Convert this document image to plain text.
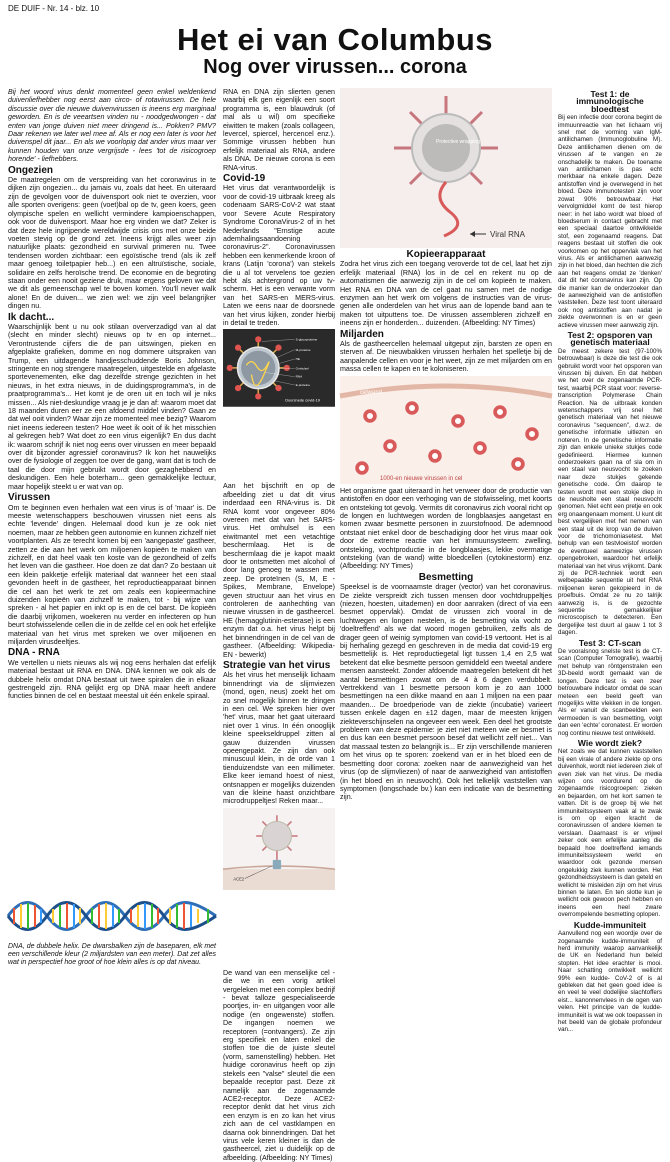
DE DUIF - Nr. 14 - blz. 10
Het ei van Columbus
Nog over virussen... corona

Bij het woord virus denkt momenteel geen enkel weldenkend duivenliefhebber nog eerst aan circo- of rotavirussen. De hele discussie over die nieuwe duivenvirussen is ineens erg marginaal geworden. En is de veeartsen vinden nu - noodgedwongen - dat enten van jonge duiven niet meer dringend is... Pokken? PMV? Daar rekenen we later wel mee af. Als er nog een later is voor het duivenspel dit jaar... En als we voorlopig dat ander virus maar ver kunnen houden van onze vergrijsde - lees 'tot de risicogroep horende' - liefhebbers.

Ongezien

De maatregelen om de verspreiding van het coronavirus in te dijken zijn ongezien... du jamais vu, zoals dat heet. En uiteraard zijn de gevolgen voor de duivensport ook niet te overzien, voor alle sporten overigens: geen (voet)bal op de tv, geen koers, geen olympische spelen en wellicht vermindere kampioenschappen, ook voor de duivensport. Maar hoe erg vinden we dat? Zeker is dat deze hele ingrijpende wereldwijde crisis ons met onze beide voeten stevig op de grond zet. Ineens krijgt alles weer zijn natuurlijke plaats: gezondheid en survival primeren nu. Twee tendensen worden zichtbaar: een egoïstische trend (als ik zelf maar genoeg toiletpapier heb...) en een altruïstische, sociale, solidaire en zelfs heroïsche trend. De economie en de begroting staan onder een nooit geziene druk, maar ergens geloven we dat we dit als gemeenschap wel te boven komen. You'll never walk alone! En de duiven... we zien wel: we zijn veel belangrijker dingen nu.

Ik dacht...

Waarschijnlijk bent u nu ook stilaan oververzadigd van al dat (slecht en minder slecht) nieuws op tv en op internet... Verontrustende cijfers die de pan uitswingen, pieken en afgeplakte grafieken, domme en nog dommere uitspraken van Trump, een uitdagende handjesschuddende Boris Johnson, stringente en nog strengere maatregelen, uitgestelde en afgelaste sportevenementen, elke dag dezelfde strenge gezichten in het nieuws, in het extra nieuws, in de duidingsprogramma's, in de praatprogramma's... Het komt je de oren uit en toch wil je niks missen... Als niet-deskundige vraag je je dan af: waarom moet dat 18 maanden duren eer ze een afdoend middel vinden? Gaan ze dat wel ooit vinden? Waar zijn ze momenteel mee bezig? Waarom niet ineens iedereen testen? Hoe weet ik ooit of ik het misschien al gekregen heb? Wat doet zo een virus eigenlijk? En dus dacht ik: waarom schrijf ik niet nog eens over virussen en meer bepaald over dit bijzonder agressief coronavirus? Ik kon het nauwelijks over de fysiologie of zeggen toe over de gang, want dat is toch de taal die door mijn gebruikt wordt door gezaghebbend en deskundigen. Een hele boterham... geen gemakkelijke lectuur, maar hopelijk steekt u er wat van op.

Virussen

Om te beginnen even herhalen wat een virus is of 'maar' is. De meeste wetenschappers beschouwen virussen niet eens als echte 'levende' dingen. Helemaal dood kun je ze ook niet noemen, maar ze hebben geen autonomie en kunnen zichzelf niet voortplanten. Als ze terecht komen bij een 'aangepaste' gastheer, zetten ze die aan het werk om miljoenen kopieën te maken van zichzelf, en dat heel vaak ten koste van de gezondheid of zelfs het leven van die gastheer. Hoe doen ze dat dan? Zo bestaan uit een klein pakketje erfelijk materiaal dat wanneer het een staal gevonden heeft in de gastheer, het reproductieapparaat binnen die cel aan het werk te zet om zeals een kopieermachine duizenden kopieën van zichzelf te maken, tot - bij wijze van spreken - al het papier en inkt op is en de cel barst. De kopieën die daarbij vrijkomen, woekeren nu verder en infecteren op hun beurt stofwisselende cellen die in de zelfde cel en ook het erfelijke materiaal van het virus met spreken we over miljoenen en miljarden virusdeeltjes.

DNA - RNA

We vertellen u niets nieuws als wij nog eens herhalen dat erfelijk materiaal bestaat uit RNA en DNA. DNA kennen we ook als de dubbele helix omdat DNA bestaat uit twee spiralen die in elkaar gestrengeld zijn. RNA gelijkt erg op DNA maar heeft andere functies binnen de cel en bestaat meestal uit één enkele spiraal.

DNA, de dubbele helix. De dwarsbalken zijn de baseparen, elk met een verschillende kleur (2 miljardsten van een meter). Dat zet alles wat in perspectief hoe groot of hoe klein alles is op dat niveau.

RNA en DNA zijn slierten genen waarbij elk gen eigenlijk een soort programma is, een blauwdruk (of mal als u wil) om specifieke eiwitten te maken (zoals collageen, levercel, spiercel, hercencel enz.). Sommige virussen hebben hun erfelijk materiaal als RNA, andere als DNA. De nieuwe corona is een RNA-virus.

Covid-19

Het virus dat verantwoordelijk is voor de covid-19 uitbraak kreeg als codenaam SARS-CoV-2 wat staat voor Severe Acute Respiratory Syndrome CoronaVirus-2 of in het Nederlands "Ernstige acute ademhalingsaandoening coronavirus-2". Coronavirussen hebben een kenmerkende kroon of krans (Latijn 'corona') van stekels die u al tot vervelens toe gezien hebt als achtergrond op uw tv-scherm. Het is een verwante vorm van het SARS-en MERS-virus. Laten we eens naar de doorsnede van het virus kijken, zonder hierbij in detail te treden.

S-glycoproteine
M-proteine
HE
Omhulsel
RNA
E-proteine
Doorsnede covid-19

Aan het bijschrift en op de afbeelding ziet u dat dit virus inderdaad een RNA-virus is. Dit RNA komt voor ongeveer 80% overeen met dat van het SARS-virus. Het omhulsel is een eiwitmantel met een vetachtige beschermlaag. Het is de beschermlaag die je kapot maakt door te ontsmetten met alcohol of door lang genoeg te wassen met zeep. De proteïnen (S, M, E - Spikes, Membrane, Envelope) geven structuur aan het virus en controleren de aanhechting van nieuwe virussen in de gastheercel. HE (hemagglutinin-esterase) is een enzym dat o.a. het virus helpt bij het binnendringen in de cel van de gastheer. (Afbeelding: Wikipedia-EN - bewerkt)

Strategie van het virus

Als het virus het menselijk lichaam binnendringt via de slijmviezen (mond, ogen, neus) zoekt het om zo snel mogelijk binnen te dringen in een cel. We spreken hier over 'het' virus, maar het gaat uiteraard niet over 1 virus. In één onooglijk kleine speekseldruppel zitten al gauw duizenden virussen opeengepakt. Ze zijn dan ook minuscuul klein, in de orde van 1 tienduizendste van een millimeter. Elke keer iemand hoest of niest, ontsnappen er mogelijks duizenden van die kleine haast onzichtbare microdruppeltjes! Reken maar...

ACE2

De wand van een menselijke cel - die we in een vorig artikel vergeleken met een complex bedrijf - bevat talloze gespecialiseerde poortjes, in- en uitgangen voor alle nodige (en ongewenste) stoffen. De ingangen noemen we receptoren (=ontvangers). Ze zijn erg specifiek en laten enkel die stoffen toe die de juiste sleutel (vorm, samenstelling) hebben. Het huidige coronavirus heeft op zijn stekels een "valse" sleutel die een bepaalde receptor past. Deze zit namelijk aan de zogenaamde ACE2-receptor. Deze ACE2-receptor denkt dat het virus zich een enzym is en zo kan het virus zich aan de cel vastklampen en daarna ook binnendringen. Dat het virus vele keren kleiner is dan de gastheercel, ziet u duidelijk op de afbeelding. (Afbeelding: NY Times)

Protective wrapping
Viral RNA
Kopieerapparaat

Zodra het virus zich een toegang veroverde tot de cel, laat het zijn erfelijk materiaal (RNA) los in de cel en rekent nu op de automatismen die aanwezig zijn in de cel om kopieën te maken. Het RNA en DNA van de cel gaat nu samen met de nodige enzymen aan het werk om volgens de instructies van de virus-genen alle onderdelen van het virus aan de lopende band aan te maken tot uitputtens toe. De virussen assembleren zichzelf en ineens zijn er honderden... duizenden. (Afbeelding: NY Times)

Miljarden

Als de gastheercellen helemaal uitgeput zijn, barsten ze open en sterven af. De nieuwbakken virussen herhalen het spelletje bij de aanpalende cellen en voor je het weet, zijn ze met miljarden om en massa cellen te kapen en te koloniseren.

celwand
1000-en nieuwe virussen in cel

Het organisme gaat uiteraard in het verweer door de productie van antistoffen en door een verhoging van de stofwisseling, met koorts en ontsteking tot gevolg. Vermits dit coronavirus zich vooral richt op de longen en luchtwegen worden de longblaasjes aangetast en komen zwaar besmette personen in zuurstofnood. De ademnood ontstaat niet enkel door de beschadiging door het virus maar ook door de extreme reactie van het immuunsysteem: zwelling, ontsteking, vochtproductie in de longblaasjes, lekke overmatige ontsteking (van de wand) witte bloedcellen (cytokinestorm) enz. (Afbeelding: NY Times)

Besmetting

Speeksel is de voornaamste drager (vector) van het coronavirus. De ziekte verspreidt zich tussen mensen door vochtdruppeltjes (niezen, hoesten, uitademen) en door aanraken (direct of via een besmet oppervlak). Omdat de virussen zich vooral in de luchtwegen en longen nestelen, is de besmetting via vocht zo 'doeltreffend' als we dat woord mogen gebruiken, zelfs als de drager geen of weinig symptomen van covid-19 vertoont. Het is al bij herhaling gezegd en geschreven in de media dat covid-19 erg besmettelijk is. Het reproductiegetal ligt tussen 1,4 en 2,5 wat betekent dat elke besmette persoon gemiddeld een tweetal andere mensen aansteekt. Zonder afdoende maatregelen betekent dit het aantal besmettingen zowat om de 4 à 6 dagen verdubbelt. Vertrekkend van 1 besmette persoon kom je zo aan 1000 besmettingen na een dikke maand en aan 1 miljoen na een paar maanden... De broedperiode van de ziekte (incubatie) varieert tussen enkele dagen en ±12 dagen, maar de meesten krijgen ziekteverschijnselen na ongeveer een week. Een deel het grootste probleem van deze epidemie: je ziet niet meteen wie er besmet is en dus kan een besmet persoon besef dat wellicht zelf niet... Van dat massaal testen zo belangrijk is... Er zijn verschillende manieren om het virus op te sporen: zoekend van er in het bloed een de besmetting door corona: zoeken naar de aanwezigheid van het virus (op de slijmvliezen) of naar de aanwezigheid van antistoffen (in het bloed en in neusvocht). Ook het telkelijk vaststellen van symptomen (longschade bv.) kan een indicatie van de besmetting zijn.

Test 1: de immunologische bloedtest

Bij een infectie door corona begint de immuunreactie van het lichaam vrij snel met de vorming van IgM-antilichamen (Immunoglobuline M). Deze antilichamen dienen om de virussen af te vangen en ze onschadelijk te maken. De toename van antilichamen is pas echt merkbaar na enkele dagen. Deze antistoffen vind je overwegend in het bloed. Deze immunotesten zijn voor zowat 90% betrouwbaar. Het vervolgmiddel komt de test hierop neer: in het labo wordt wat bloed of bloedserum in contact gebracht met een speciaal daartoe ontwikkelde stof, een zogenaamd reagens. Dat reagens bestaat uit stoffen die ook voorkomen op het oppervlak van het virus. Als er antilichamen aanwezig zijn in het bloed, dan hechten die zich aan het reagens omdat ze 'denken' dat dit het coronavirus kan zijn. Op die manier kan de onderzoeker dan de aanwezigheid van de antistoffen vaststellen. Deze test toont uiteraard ook nog antistoffen aan nadat je ziekte overwonnen is en er geen actieve virussen meer aanwezig zijn.

Test 2: opsporen van genetisch materiaal

De meest zekere test (97-100% betrouwbaar) is deze die test die ook gebruikt wordt voor het opsporen van virussen bij duiven. En dat hebben we het over de zogenaamde PCR-test, waarbij PCR staat voor: reverse-transcription Polymerase Chain Reaction. Na de uitbraak konden wetenschappers vrij snel het genetisch materiaal van het nieuwe coronavirus "sequencen", d.w.z. de genetische informatie uitlezen en noteren. In de genetische informatie zijn dan enkele unieke stukjes code gedefinieerd. Hiermee kunnen onderzoekers gaan na of sla om in een staal van neusvocht te zoeken naar deze stukjes gekende genetische code. Om daarop te testen wordt met een stokje diep in de neusholte een staal neusvocht genomen. Niet echt een pretje en ook erg onaangenaam moment. U kunt dit best vergelijken met het nemen van een staal uit de krop van de duiven voor de trichomoniasetest. Met behulp van een testvloeistof worden de eventueel aanwezige virussen opengebroken, waardoor het erfelijk materiaal van het virus vrijkomt. Dank zij de PCR-techniek wordt een welbepaalde sequentie uit het RNA miljoenen keren gekopieerd in de proefbuis. Omdat ze nu zo talrijk aanwezig is, is de gezochte sequentie gemakkelijker microscopisch te detecteren. Een dergelijke test duurt al gauw 1 tot 3 dagen.

Test 3: CT-scan

De vooralsnog snelste test is de CT-scan (Computer Tomografie), waarbij met behulp van röntgenstralen een 3D-beeld wordt gemaakt van de longen. Deze test is een zeer betrouwbare indicator omdat de scan meteen een beeld geeft van mogelijks witte vlekken in de longen. Als er vanuit de scanbeelden een vermoeden is van besmetting, volgt dan een 'echte' coronatest. Er worden nog continu nieuwe test ontwikkeld.

Wie wordt ziek?

Net zoals we dat kunnen vaststellen bij een virale of andere ziekte op ons duivenhok, wordt niet iedereen ziek of even ziek van het virus. De media wijzen ons voordurend op de zogenaamde risicogroepen: zieken en bejaarden, om het kort samen te vatten. Dit is de groep bij wie het immuniteitssysteem vaak al te zwak is om op eigen kracht de coronavirussen of andere kiemen te verslaan. Daarnaast is er vrijwel zeker ook een erfelijke aanleg die bepaald hoe doeltreffend iemands immuniteitssysteem werkt en waardoor ook gezonde mensen ongelukkig ziek kunnen worden. Het gezondheidssysteem is dan geteld en wellicht te misleiden zijn om het virus binnen te laten. En ten slotte kun je wellicht ook gewoon pech hebben en ineens een heel zware overrompelende besmetting oplopen.

Kudde-immuniteit

Aanvullend nog een woordje over de zogenaamde kudde-immuniteit of herd immunity waarop aanvankelijk de UK en Nederland hun beleid stopten. Het idee erachter is mooi. Naar schatting ontwikkelt wellicht 99% een kudde- CoV-2 of is al gebleken dat het geen goed idee is en veel te veel dodelijke slachtoffers eist... kanonnenvlees in de ogen van velen. Het principe van de kudde-immuniteit is wat we ook toepassen in het beeld van de globale profondeur van...
